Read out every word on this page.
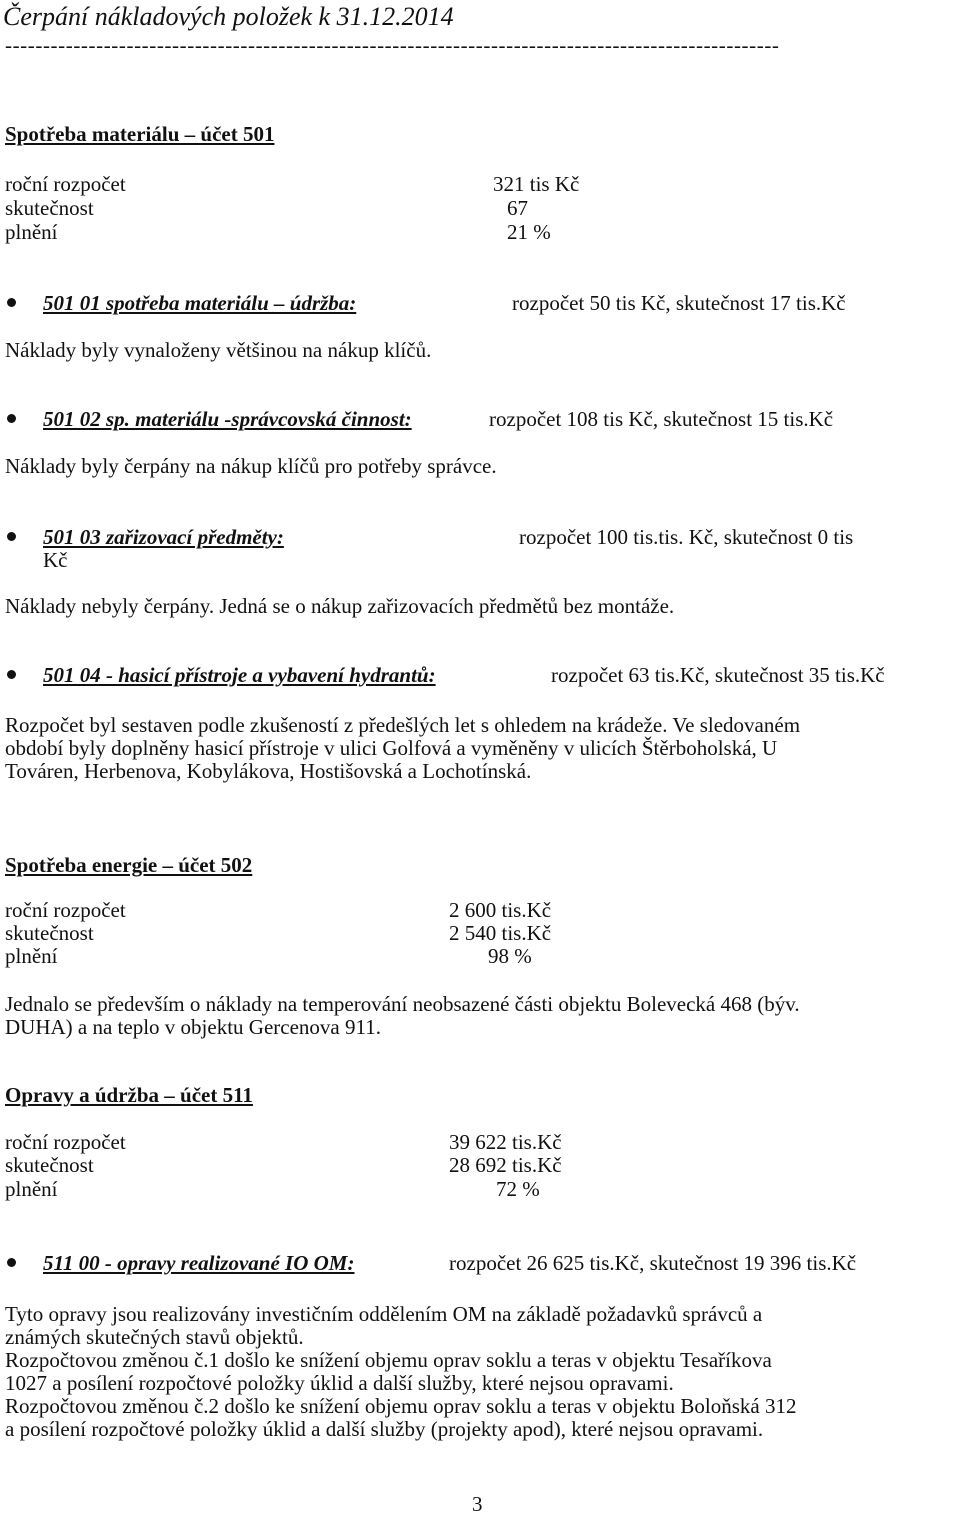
Čerpání nákladových položek k 31.12.2014
------------------------------------------------------------------------------------------------------
Spotřeba materiálu – účet 501
roční rozpočet	321 tis Kč
skutečnost	67
plnění	21 %
501 01 spotřeba materiálu – údržba:	rozpočet 50 tis Kč, skutečnost 17 tis.Kč
Náklady byly vynaloženy většinou na nákup klíčů.
501 02 sp. materiálu -správcovská činnost:	rozpočet 108 tis Kč, skutečnost 15 tis.Kč
Náklady byly čerpány na nákup klíčů pro potřeby správce.
501 03 zařizovací předměty:	rozpočet 100 tis.tis. Kč, skutečnost 0 tis
Kč
Náklady nebyly čerpány. Jedná se o nákup zařizovacích předmětů bez montáže.
501 04 - hasicí přístroje a vybavení hydrantů:	rozpočet 63 tis.Kč, skutečnost 35 tis.Kč
Rozpočet byl sestaven podle zkušeností z předešlých let s ohledem na krádeže. Ve sledovaném
období byly doplněny hasicí přístroje v ulici Golfová a vyměněny v ulicích Štěrboholská, U
Továren, Herbenova, Kobylákova, Hostišovská a Lochotínská.
Spotřeba energie – účet 502
roční rozpočet	2 600 tis.Kč
skutečnost	2 540 tis.Kč
plnění	98 %
Jednalo se především o náklady na temperování neobsazené části objektu Bolevecká 468 (býv.
DUHA) a na teplo v objektu Gercenova 911.
Opravy a údržba – účet 511
roční rozpočet	39 622 tis.Kč
skutečnost	28 692 tis.Kč
plnění	72 %
511 00 - opravy realizované IO OM:	rozpočet 26 625 tis.Kč, skutečnost 19 396 tis.Kč
Tyto opravy jsou realizovány investičním oddělením OM na základě požadavků správců a
známých skutečných stavů objektů.
Rozpočtovou změnou č.1 došlo ke snížení objemu oprav soklu a teras v objektu Tesaříkova
1027 a posílení rozpočtové položky úklid a další služby, které nejsou opravami.
Rozpočtovou změnou č.2 došlo ke snížení objemu oprav soklu a teras v objektu Boloňská 312
a posílení rozpočtové položky úklid a další služby (projekty apod), které nejsou opravami.
3
